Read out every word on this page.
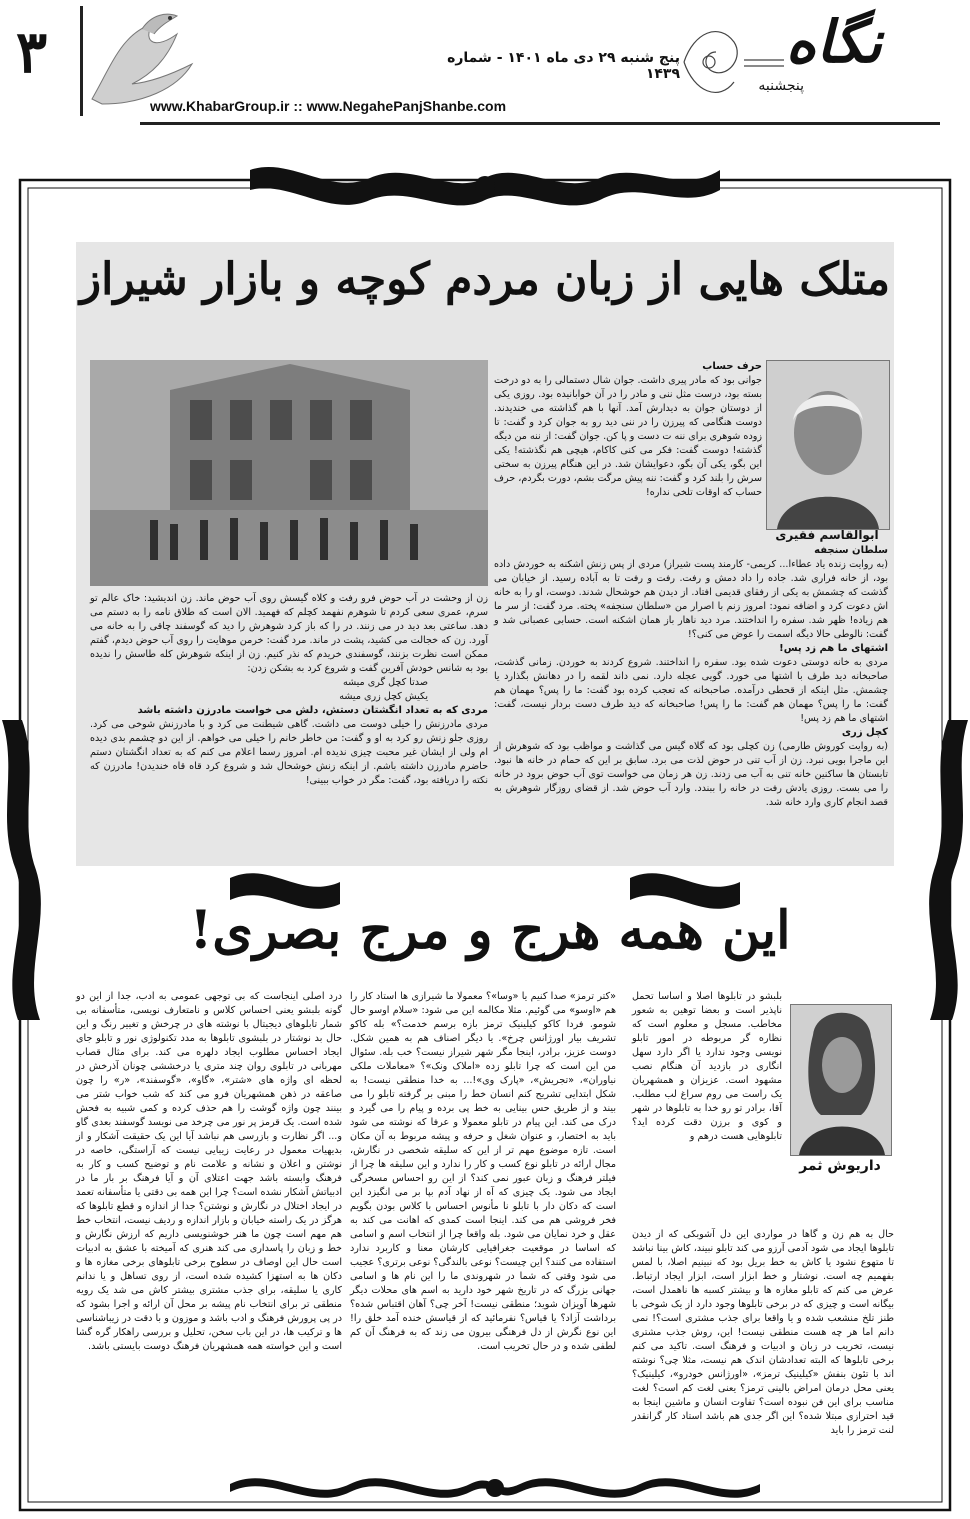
۳	پنج شنبه ۲۹ دی ماه ۱۴۰۱ - شماره ۱۴۳۹
www.KhabarGroup.ir :: www.NegahePanjShanbe.com
نگاه
پنجشنبه
متلک هایی از زبان مردم کوچه و بازار شیراز
ابوالقاسم فقیری
حرف حساب
جوانی بود که مادر پیری داشت. جوان شال دستمالی را به دو درخت بسته بود، درست مثل ننی و مادر را در آن خوابانیده بود. روزی یکی از دوستان جوان به دیدارش آمد. آنها با هم گذاشته می خندیدند. دوست هنگامی که پیرزن را در ننی دید رو به جوان کرد و گفت: تا زوده شوهری برای ننه ت دست و پا کن. جوان گفت: از ننه من دیگه گذشته! دوست گفت: فکر می کنی کاکام، هیچی هم نگذشته! یکی این بگو، یکی آن بگو، دعوایشان شد. در این هنگام پیرزن به سختی سرش را بلند کرد و گفت: ننه پیش مرگت بشم، دورت بگردم، حرف حساب که اوقات تلخی نداره!
سلطان سنجفه
(به روایت زنده یاد عطاءا... کریمی- کارمند پست شیراز) مردی از پس زنش اشکنه به خوردش داده بود، از خانه فراری شد. جاده را داد دمش و رفت. رفت و رفت تا به آباده رسید. از خیابان می گذشت که چشمش به یکی از رفقای قدیمی افتاد. از دیدن هم خوشحال شدند. دوست، او را به خانه اش دعوت کرد و اضافه نمود: امروز زنم با اصرار من «سلطان سنجفه» پخته. مرد گفت: از سر ما هم زیاده! ظهر شد. سفره را انداختند. مرد دید ناهار باز همان اشکنه است. حسابی عصبانی شد و گفت: نالوطی حالا دیگه اسمت را عوض می کنی؟!
اشتهای ما هم زد پس!
مردی به خانه دوستی دعوت شده بود. سفره را انداختند. شروع کردند به خوردن. زمانی گذشت، صاحبخانه دید طرف با اشتها می خورد. گویی عجله دارد. نمی داند لقمه را در دهانش بگذارد یا چشمش. مثل اینکه از قحطی درآمده. صاحبخانه که تعجب کرده بود گفت: ما را پس؟ مهمان هم گفت: ما را پس؟ مهمان هم گفت: ما را پس! صاحبخانه که دید طرف دست بردار نیست، گفت: اشتهای ما هم زد پس!
کچل زری
(به روایت کوروش طارمی) زن کچلی بود که گلاه گیس می گذاشت و مواظب بود که شوهرش از این ماجرا بویی نبرد. زن از آب تنی در حوض لذت می برد. سابق بر این که حمام در خانه ها نبود. تابستان ها ساکنین خانه تنی به آب می زدند. زن هر زمان می خواست توی آب حوض برود در خانه را می بست. روزی یادش رفت در خانه را ببندد. وارد آب حوض شد. از قضای روزگار شوهرش به قصد انجام کاری وارد خانه شد.
زن از وحشت در آب حوض فرو رفت و کلاه گیسش روی آب حوض ماند. زن اندیشید: خاک عالم تو سرم، عمری سعی کردم تا شوهرم نفهمد کچلم که فهمید. الان است که طلاق نامه را به دستم می دهد. ساعتی بعد دید در می زنند. در را که باز کرد شوهرش را دید که گوسفند چاقی را به خانه می آورد. زن که خجالت می کشید، پشت در ماند. مرد گفت: خرمن موهایت را روی آب حوض دیدم، گفتم ممکن است نظرت بزنند، گوسفندی خریدم که نذر کنیم. زن از اینکه شوهرش کله طاسش را ندیده بود به شانس خودش آفرین گفت و شروع کرد به بشکن زدن:
صدتا کچل گری میشه
یکیش کچل زری میشه
مردی که به تعداد انگشتان دستش، دلش می خواست مادرزن داشته باشد
مردی مادرزنش را خیلی دوست می داشت. گاهی شیطنت می کرد و با مادرزنش شوخی می کرد. روزی جلو زنش رو کرد به او و گفت: من خاطر خانم را خیلی می خواهم. از این دو چشمم بدی دیده ام ولی از ایشان غیر محبت چیزی ندیده ام. امروز رسما اعلام می کنم که به تعداد انگشتان دستم حاضرم مادرزن داشته باشم. از اینکه زنش خوشحال شد و شروع کرد قاه قاه خندیدن! مادرزن که نکته را دریافته بود، گفت: مگر در خواب ببینی!
این همه هرج و مرج بصری!
داریوش ثمر
بلبشو در تابلوها اصلا و اساسا تحمل ناپذیر است و بعضا توهین به شعور مخاطب. مسجل و معلوم است که نظاره گر مربوطه در امور تابلو نویسی وجود ندارد یا اگر دارد سهل انگاری در بازدید آن هنگام نصب مشهود است. عزیزان و همشهریان یک راست می روم سراغ لب مطلب. آقا، برادر تو رو خدا به تابلوها در شهر و کوی و برزن دقت کرده اید؟ تابلوهایی هست درهم و
حال به هم زن و گاها در مواردی این دل آشوبکی که از دیدن تابلوها ایجاد می شود آدمی آرزو می کند تابلو نبیند، کاش بینا نباشد تا متهوع نشود یا کاش به خط بریل بود که نبینیم اصلا، با لمس بفهمیم چه است. نوشتار و خط ابزار است، ابزار ایجاد ارتباط. عرض می کنم که تابلو مغازه ها و بیشتر کسبه ها ناهمدل است، بیگانه است و چیزی که در برخی تابلوها وجود دارد از یک شوخی با طنز تلخ منشعب شده و یا واقعا برای جذب مشتری است؟! نمی دانم اما هر چه هست منطقی نیست! این، روش جذب مشتری نیست، تخریب در زبان و ادبیات و فرهنگ است. تاکید می کنم برخی تابلوها که البته تعدادشان اندک هم نیست، مثلا چی؟ نوشته اند با تئون بنفش «کیلینیک ترمز»، «اورژانس خودرو»، کیلینیک؟ یعنی محل درمان امراض بالینی ترمز؟ یعنی لغت کم است؟ لغت مناسب برای این فن نبوده است؟ تفاوت انسان و ماشین اینجا به قید احترازی مبتلا شده؟ این اگر جدی هم باشد استاد کار گرانقدر لنت ترمز را باید
«کتر ترمز» صدا کنیم یا «وسا»؟ معمولا ما شیرازی ها استاد کار را هم «اوسو» می گوئیم. مثلا مکالمه این می شود: «سلام اوسو حال شومو. فردا کاکو کیلینیک ترمز بازه برسم خدمت؟» بله کاکو تشریف بیار اورژانس چرخ». یا دیگر اصناف هم به همین شکل. دوست عزیز، برادر، اینجا مگر شهر شیراز نیست؟ خب بله. سئوال من این است که چرا تابلو زده «املاک ونک»؟ «معاملات ملکی نیاوران»، «تجریش»، «پارک وی»!... به خدا منطقی نیست! به شکل ابتدایی تشریح کنم انسان خط را مبنی بر گرفته تابلو را می بیند و از طریق حس بینایی به خط پی برده و پیام را می گیرد و درک می کند. این پیام در تابلو معمولا و عرفا که نوشته می شود باید به اختصار، و عنوان شغل و حرفه و پیشه مربوط به آن مکان است. تازه موضوع مهم تر از این که سلیقه شخصی در نگارش، مجال ارائه در تابلو نوع کسب و کار را ندارد و این سلیقه ها چرا از فیلتر فرهنگ و زبان عبور نمی کند؟ از این رو احساس مسخرگی ایجاد می شود. یک چیزی که آه از نهاد آدم بپا بر می انگیزد این است که دکان دار با تابلو نا مأنوس احساس با کلاس بودن بگویم فخر فروشی هم می کند. اینجا است کمدی که اهانت می کند به عقل و خرد نمایان می شود. بله واقعا چرا از انتخاب اسم و اسامی که اساسا در موقعیت جغرافیایی کارشان معنا و کاربرد ندارد استفاده می کنند؟ این چیست؟ نوعی بالندگی؟ نوعی برتری؟ عجیب می شود وقتی که شما در شهروندی ما را این نام ها و اسامی جهانی بزرگ که در تاریخ شهر خود دارید به اسم های محلات دیگر شهرها آویزان شوید؛ منطقی نیست! آخر چی؟ آهان اقتباس شده؟ برداشت آزاد؟ یا قیاس؟ نفرمائید که از قیاسش خنده آمد خلق را! این نوع نگرش از دل فرهنگی بیرون می زند که به فرهنگ آن کم لطفی شده و در حال تخریب است.
درد اصلی اینجاست که بی توجهی عمومی به ادب، جدا از این دو گونه بلبشو یعنی احساس کلاس و نامتعارف نویسی، متأسفانه بی شمار تابلوهای دیجیتال با نوشته های در چرخش و تغییر رنگ و این حال بد نوشتار در بلبشوی تابلوها به مدد تکنولوژی نور و تابلو جای ایجاد احساس مطلوب ایجاد دلهره می کند. برای مثال قصاب مهربانی در تابلوی روان چند متری یا درخششی چونان آذرخش در لحظه ای واژه های «شتر»، «گاو»، «گوسفند»، «ر» را چون صاعقه در ذهن همشهریان فرو می کند که شب خواب شتر می بینند چون واژه گوشت را هم حذف کرده و کمی شبیه به فحش شده است. یک قرمز پر نور می چرخد می نویسد گوسفند بعدی گاو و... اگر نظارت و بازرسی هم نباشد آیا این یک حقیقت آشکار و از بدیهیات معمول در رعایت زیبایی نیست که آراستگی، خاصه در نوشتن و اعلان و نشانه و علامت نام و توضیح کسب و کار به فرهنگ وابسته باشد جهت اعتلای آن و آیا فرهنگ بر بار ما در ادبیاتش آشکار نشده است؟ چرا این همه بی دقتی یا متأسفانه تعمد در ایجاد اختلال در نگارش و نوشتن؟ جدا از اندازه و قطع تابلوها که هرگز در یک راسته خیابان و بازار اندازه و ردیف نیست، انتخاب خط هم مهم است چون ما هنر خوشنویسی داریم که ارزش نگارش و خط و زبان را پاسداری می کند هنری که آمیخته با عشق به ادبیات است حال این اوصاف در سطوح برخی تابلوهای برخی مغازه ها و دکان ها به استهزا کشیده شده است، از روی تساهل و یا ندانم کاری یا سلیقه، برای جذب مشتری بیشتر کاش می شد یک رویه منطقی تر برای انتخاب نام پیشه بر محل آن ارائه و اجرا بشود که در پی پرورش فرهنگ و ادب باشد و موزون و با دقت در زیباشناسی ها و ترکیب ها، در این باب سخن، تحلیل و بررسی راهکار گره گشا است و این خواسته همه همشهریان فرهنگ دوست بایستی باشد.
